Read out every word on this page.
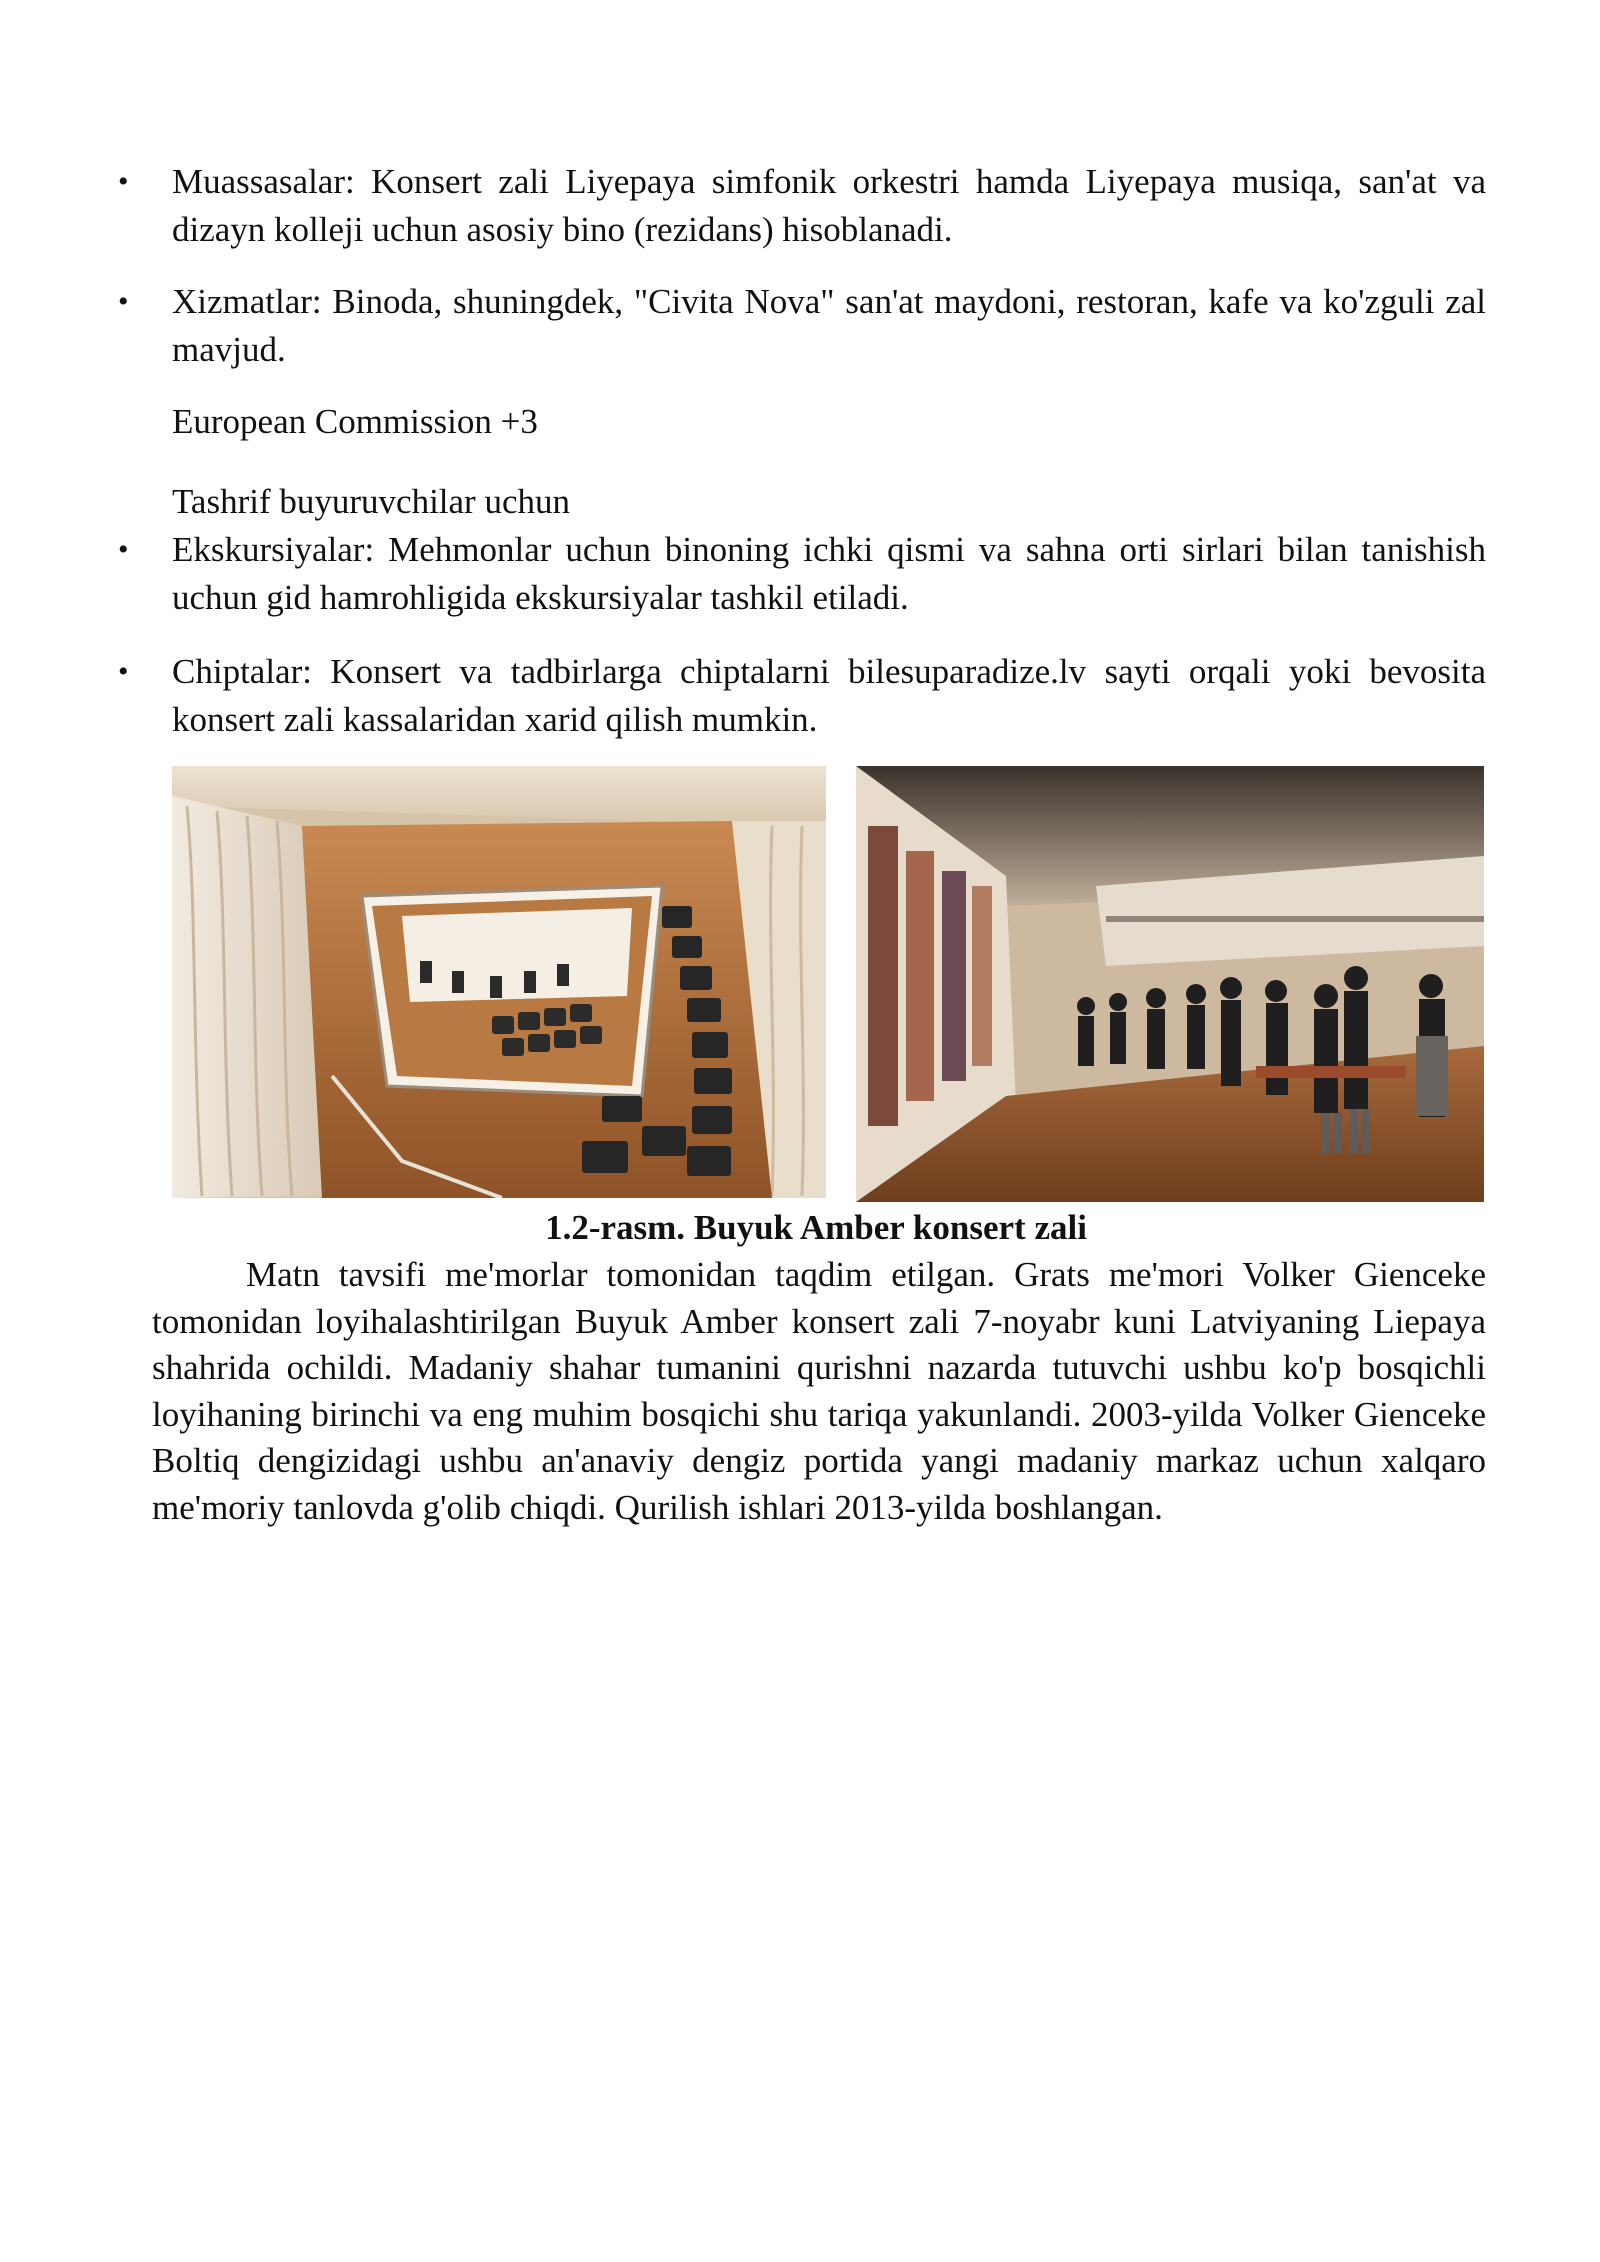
• Muassasalar: Konsert zali Liyepaya simfonik orkestri hamda Liyepaya musiqa, san'at va dizayn kolleji uchun asosiy bino (rezidans) hisoblanadi.
• Xizmatlar: Binoda, shuningdek, "Civita Nova" san'at maydoni, restoran, kafe va ko'zguli zal mavjud.
European Commission +3
Tashrif buyuruvchilar uchun
• Ekskursiyalar: Mehmonlar uchun binoning ichki qismi va sahna orti sirlari bilan tanishish uchun gid hamrohligida ekskursiyalar tashkil etiladi.
• Chiptalar: Konsert va tadbirlarga chiptalarni bilesuparadize.lv sayti orqali yoki bevosita konsert zali kassalaridan xarid qilish mumkin.
1.2-rasm. Buyuk Amber konsert zali
Matn tavsifi me'morlar tomonidan taqdim etilgan. Grats me'mori Volker Gienceke tomonidan loyihalashtirilgan Buyuk Amber konsert zali 7-noyabr kuni Latviyaning Liepaya shahrida ochildi. Madaniy shahar tumanini qurishni nazarda tutuvchi ushbu ko'p bosqichli loyihaning birinchi va eng muhim bosqichi shu tariqa yakunlandi. 2003-yilda Volker Gienceke Boltiq dengizidagi ushbu an'anaviy dengiz portida yangi madaniy markaz uchun xalqaro me'moriy tanlovda g'olib chiqdi. Qurilish ishlari 2013-yilda boshlangan.
